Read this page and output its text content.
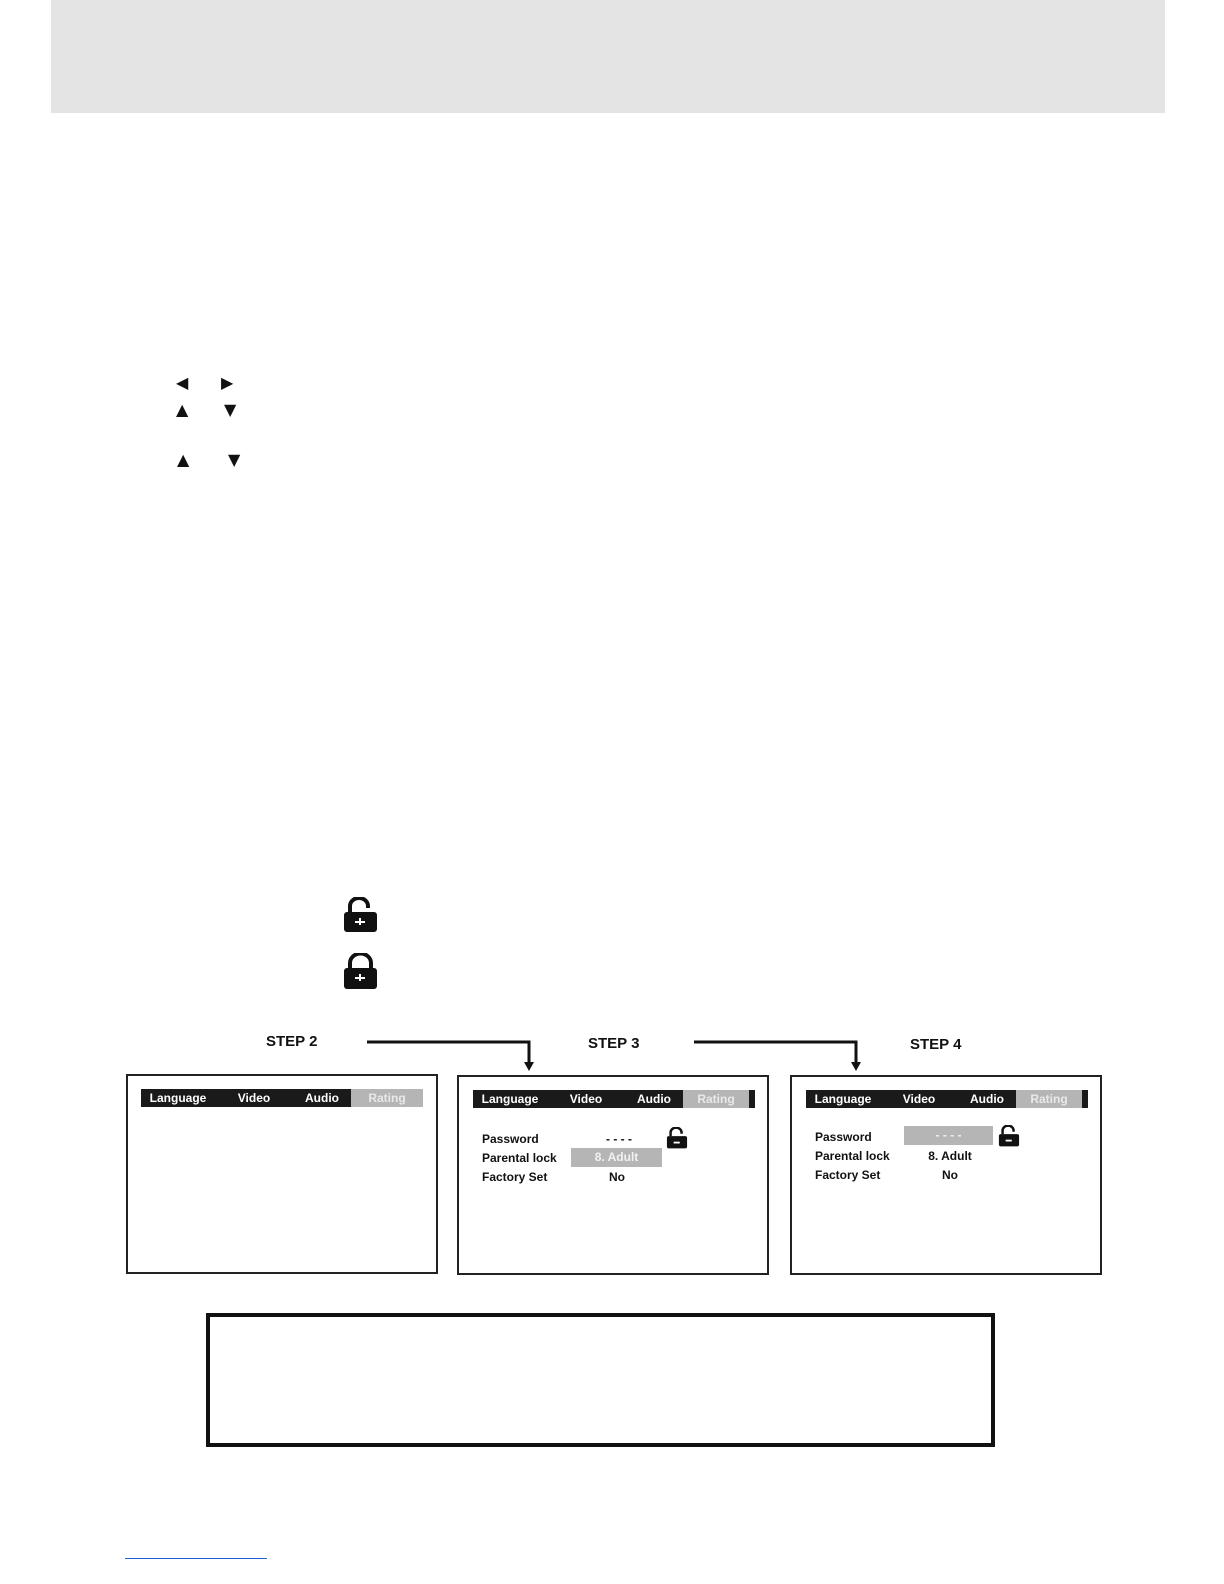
◀ ▶
▲ ▼
▲ ▼
STEP 2	STEP 3	STEP 4
Language	Video	Audio	Rating	Language	Video	Audio	Rating
Password	- - - -
Parental lock	8. Adult
Factory Set	No
Language	Video	Audio	Rating
Password	- - - -
Parental lock	8. Adult
Factory Set	No
